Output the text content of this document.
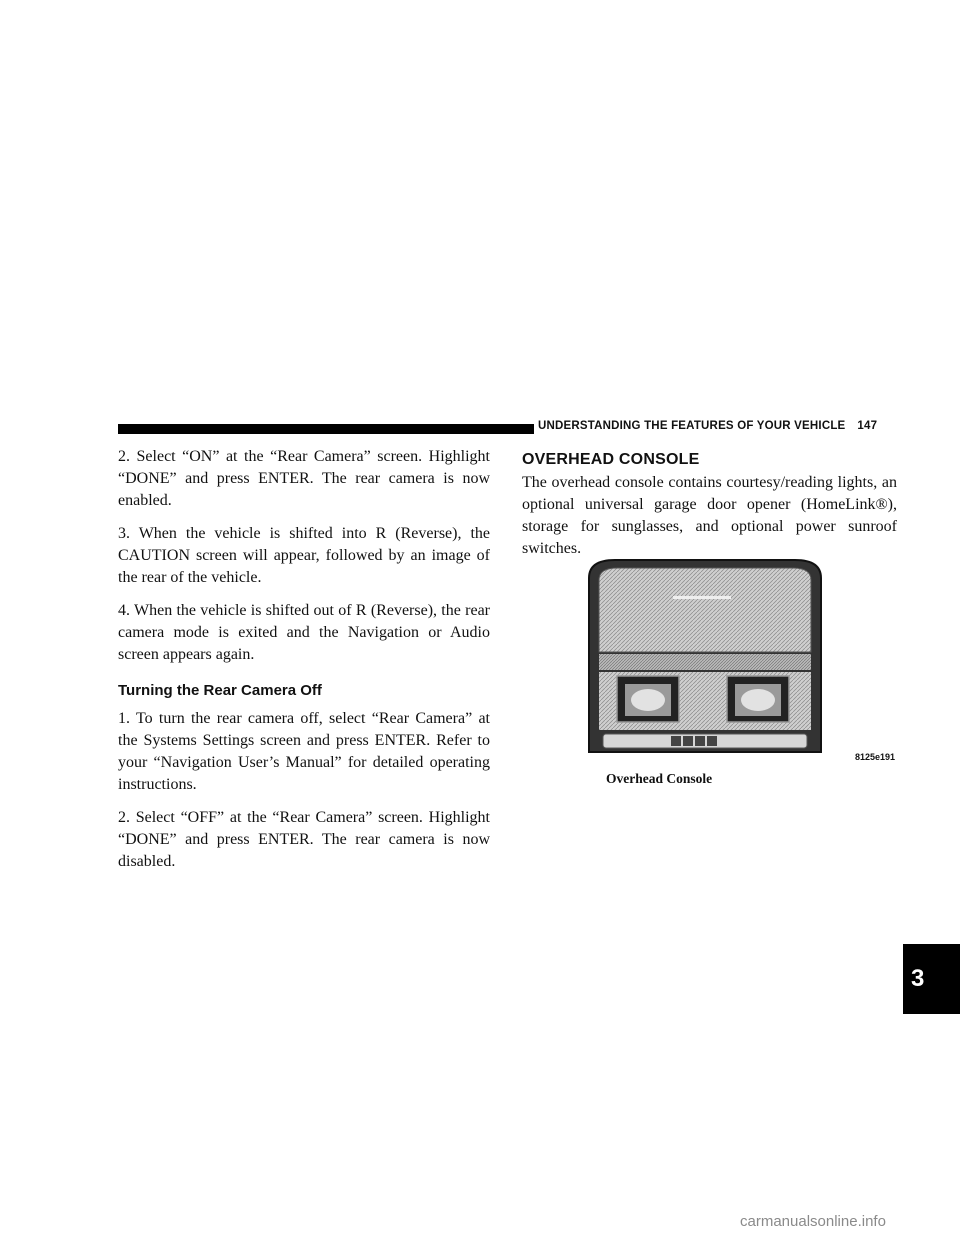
UNDERSTANDING THE FEATURES OF YOUR VEHICLE 147
3

2. Select “ON” at the “Rear Camera” screen. Highlight “DONE” and press ENTER. The rear camera is now enabled.

3. When the vehicle is shifted into R (Reverse), the CAUTION screen will appear, followed by an image of the rear of the vehicle.

4. When the vehicle is shifted out of R (Reverse), the rear camera mode is exited and the Navigation or Audio screen appears again.

Turning the Rear Camera Off

1. To turn the rear camera off, select “Rear Camera” at the Systems Settings screen and press ENTER. Refer to your “Navigation User’s Manual” for detailed operating instructions.

2. Select “OFF” at the “Rear Camera” screen. Highlight “DONE” and press ENTER. The rear camera is now disabled.

OVERHEAD CONSOLE

The overhead console contains courtesy/reading lights, an optional universal garage door opener (HomeLink®), storage for sunglasses, and optional power sunroof switches.

8125e191
Overhead Console
carmanualsonline.info
